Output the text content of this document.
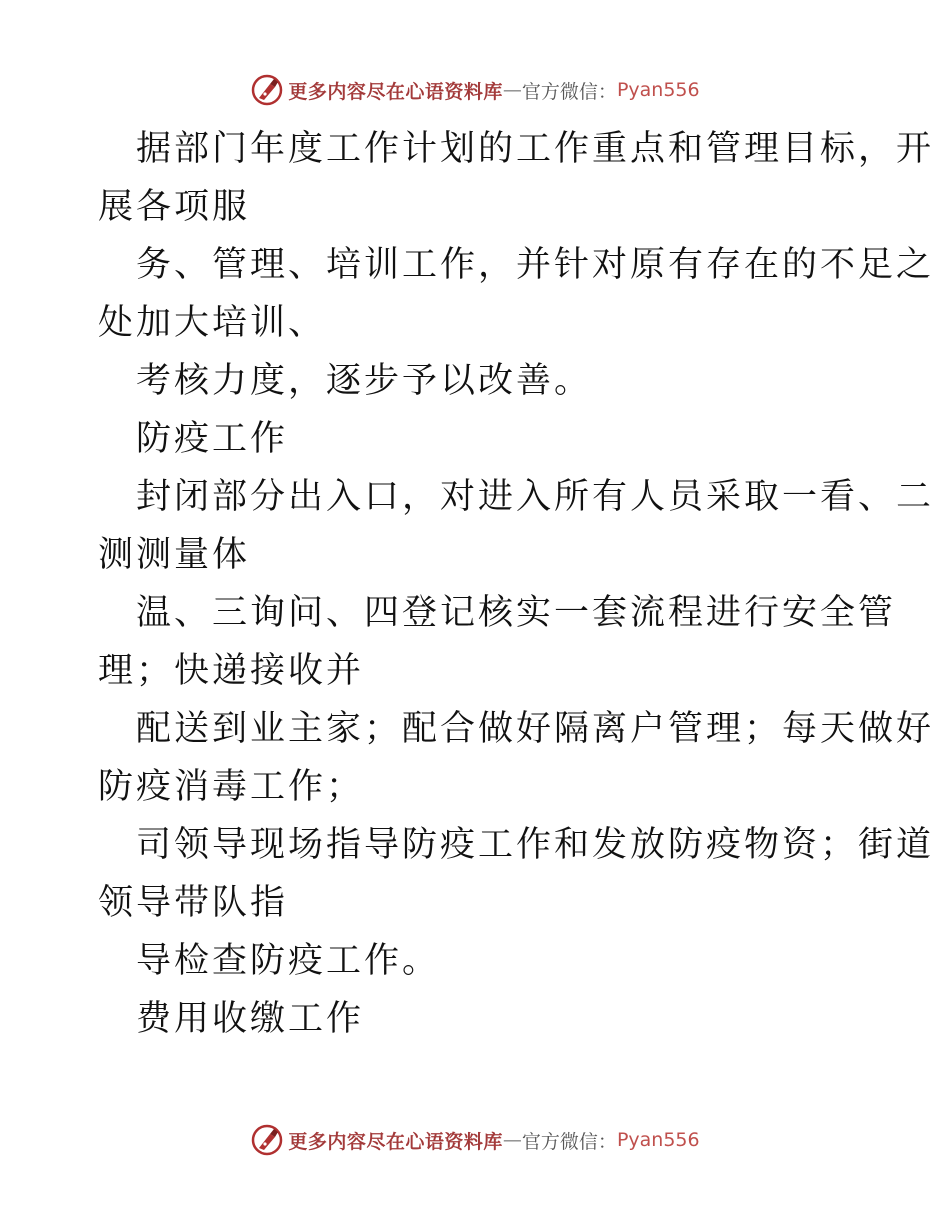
更多内容尽在心语资料库 — 官方微信： Pyan556
据部门年度工作计划的工作重点和管理目标，开
展各项服
务、管理、培训工作，并针对原有存在的不足之
处加大培训、
考核力度，逐步予以改善。
防疫工作
封闭部分出入口，对进入所有人员采取一看、二
测测量体
温、三询问、四登记核实一套流程进行安全管
理；快递接收并
配送到业主家；配合做好隔离户管理；每天做好
防疫消毒工作；
司领导现场指导防疫工作和发放防疫物资；街道
领导带队指
导检查防疫工作。
费用收缴工作
更多内容尽在心语资料库 — 官方微信： Pyan556
